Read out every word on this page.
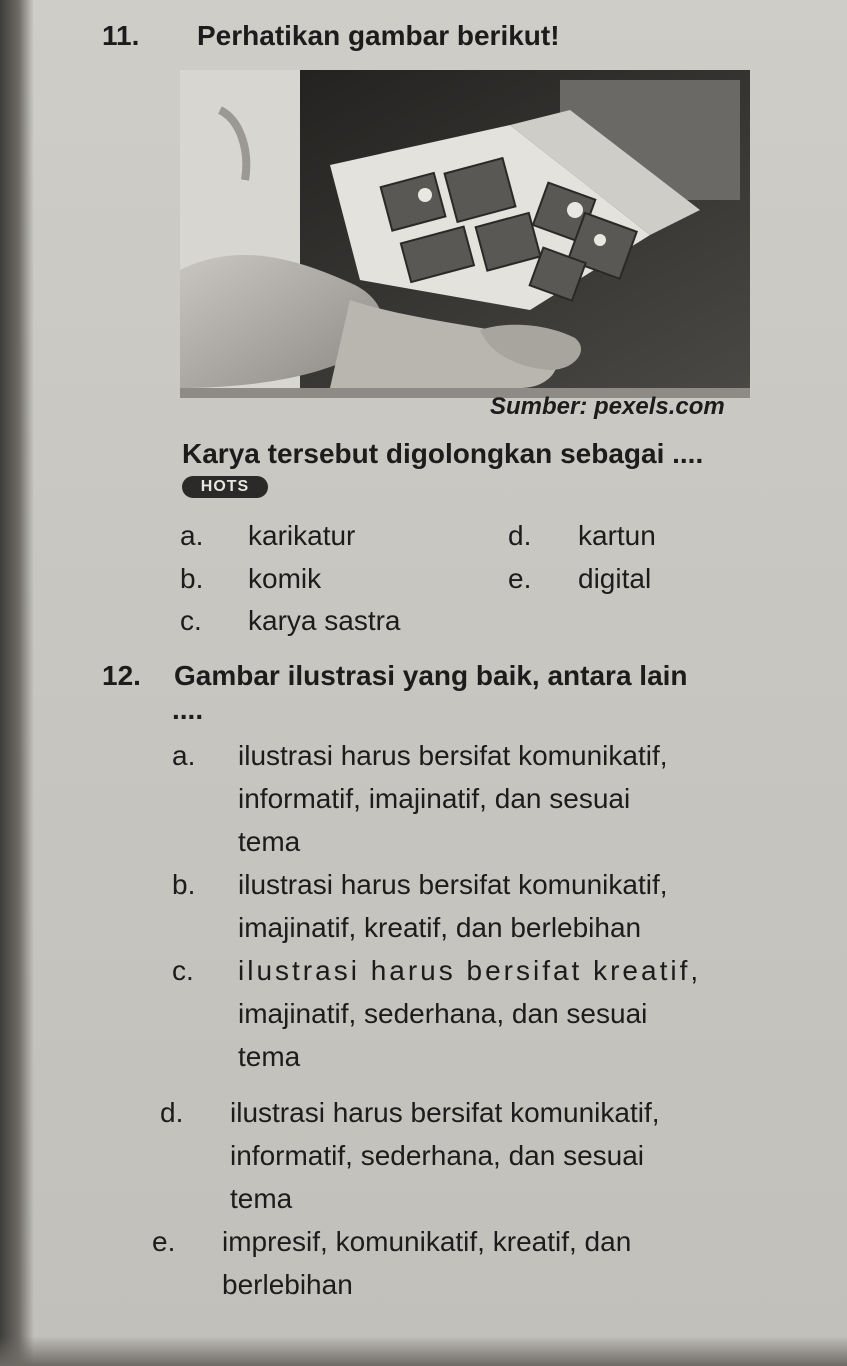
11. Perhatikan gambar berikut!
Sumber: pexels.com
Karya tersebut digolongkan sebagai ....
HOTS
a. karikatur
b. komik
c. karya sastra
d. kartun
e. digital
12. Gambar ilustrasi yang baik, antara lain
....
a. ilustrasi harus bersifat komunikatif,
informatif, imajinatif, dan sesuai
tema
b. ilustrasi harus bersifat komunikatif,
imajinatif, kreatif, dan berlebihan
c. ilustrasi harus bersifat kreatif,
imajinatif, sederhana, dan sesuai
tema
d. ilustrasi harus bersifat komunikatif,
informatif, sederhana, dan sesuai
tema
e. impresif, komunikatif, kreatif, dan
berlebihan
